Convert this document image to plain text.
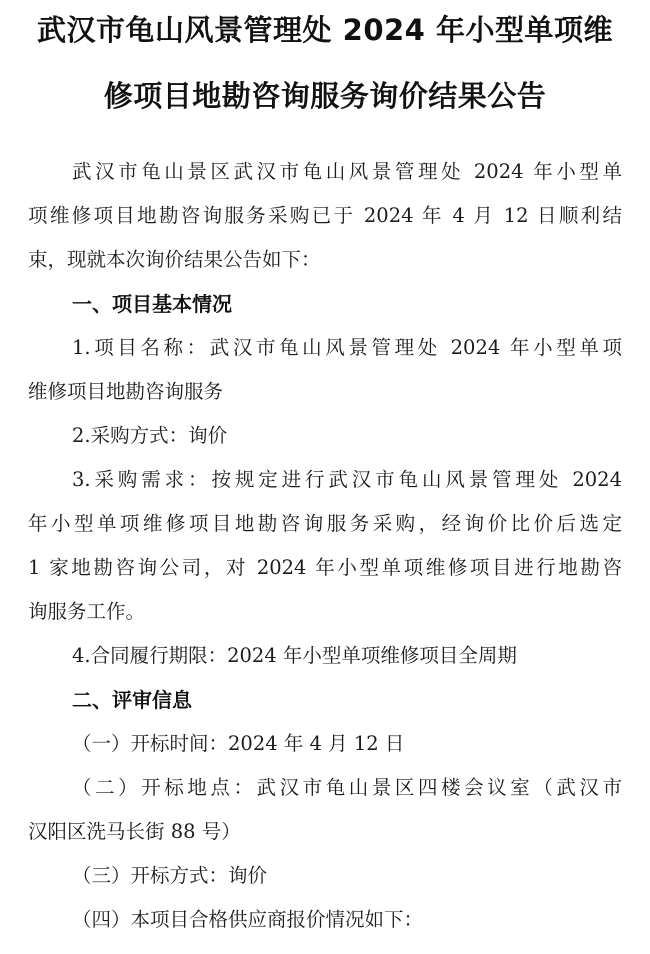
武汉市龟山风景管理处 2024 年小型单项维
修项目地勘咨询服务询价结果公告
武汉市龟山景区武汉市龟山风景管理处 2024 年小型单
项维修项目地勘咨询服务采购已于 2024 年 4 月 12 日顺利结
束，现就本次询价结果公告如下：
一、项目基本情况
1.项目名称：武汉市龟山风景管理处 2024 年小型单项
维修项目地勘咨询服务
2.采购方式：询价
3.采购需求：按规定进行武汉市龟山风景管理处 2024
年小型单项维修项目地勘咨询服务采购，经询价比价后选定
1 家地勘咨询公司，对 2024 年小型单项维修项目进行地勘咨
询服务工作。
4.合同履行期限：2024 年小型单项维修项目全周期
二、评审信息
（一）开标时间：2024 年 4 月 12 日
（二）开标地点：武汉市龟山景区四楼会议室（武汉市
汉阳区洗马长街 88 号）
（三）开标方式：询价
（四）本项目合格供应商报价情况如下：
